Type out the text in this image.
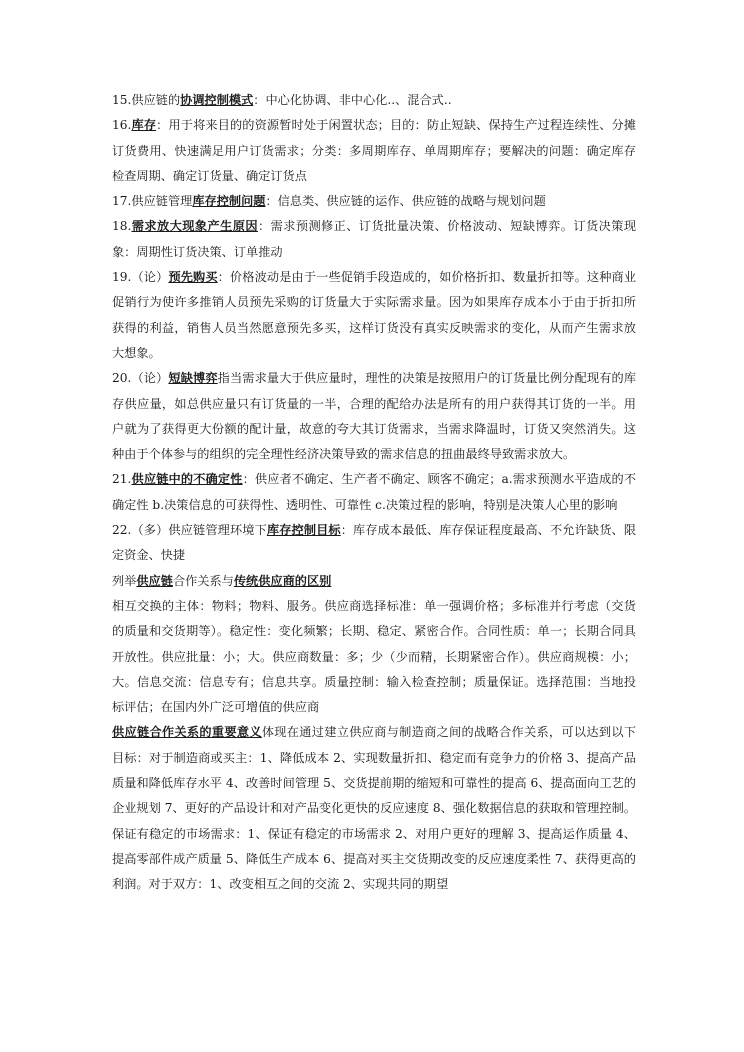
15.供应链的协调控制模式：中心化协调、非中心化..、混合式..

16.库存：用于将来目的的资源暂时处于闲置状态；目的：防止短缺、保持生产过程连续性、分摊订货费用、快速满足用户订货需求；分类：多周期库存、单周期库存；要解决的问题：确定库存检查周期、确定订货量、确定订货点

17.供应链管理库存控制问题：信息类、供应链的运作、供应链的战略与规划问题

18.需求放大现象产生原因：需求预测修正、订货批量决策、价格波动、短缺博弈。订货决策现象：周期性订货决策、订单推动

19.（论）预先购买：价格波动是由于一些促销手段造成的，如价格折扣、数量折扣等。这种商业促销行为使许多推销人员预先采购的订货量大于实际需求量。因为如果库存成本小于由于折扣所获得的利益，销售人员当然愿意预先多买，这样订货没有真实反映需求的变化，从而产生需求放大想象。

20.（论）短缺博弈指当需求量大于供应量时，理性的决策是按照用户的订货量比例分配现有的库存供应量，如总供应量只有订货量的一半，合理的配给办法是所有的用户获得其订货的一半。用户就为了获得更大份额的配计量，故意的夸大其订货需求，当需求降温时，订货又突然消失。这种由于个体参与的组织的完全理性经济决策导致的需求信息的扭曲最终导致需求放大。

21.供应链中的不确定性：供应者不确定、生产者不确定、顾客不确定；a.需求预测水平造成的不确定性 b.决策信息的可获得性、透明性、可靠性 c.决策过程的影响，特别是决策人心里的影响

22.（多）供应链管理环境下库存控制目标：库存成本最低、库存保证程度最高、不允许缺货、限定资金、快捷

列举供应链合作关系与传统供应商的区别

相互交换的主体：物料；物料、服务。供应商选择标准：单一强调价格；多标准并行考虑（交货的质量和交货期等）。稳定性：变化频繁；长期、稳定、紧密合作。合同性质：单一；长期合同具开放性。供应批量：小；大。供应商数量：多；少（少而精，长期紧密合作）。供应商规模：小；大。信息交流：信息专有；信息共享。质量控制：输入检查控制；质量保证。选择范围：当地投标评估；在国内外广泛可增值的供应商

供应链合作关系的重要意义体现在通过建立供应商与制造商之间的战略合作关系，可以达到以下目标：对于制造商或买主：1、降低成本 2、实现数量折扣、稳定而有竞争力的价格 3、提高产品质量和降低库存水平 4、改善时间管理 5、交货提前期的缩短和可靠性的提高 6、提高面向工艺的企业规划 7、更好的产品设计和对产品变化更快的反应速度 8、强化数据信息的获取和管理控制。保证有稳定的市场需求：1、保证有稳定的市场需求 2、对用户更好的理解 3、提高运作质量 4、提高零部件成产质量 5、降低生产成本 6、提高对买主交货期改变的反应速度柔性 7、获得更高的利润。对于双方：1、改变相互之间的交流 2、实现共同的期望
